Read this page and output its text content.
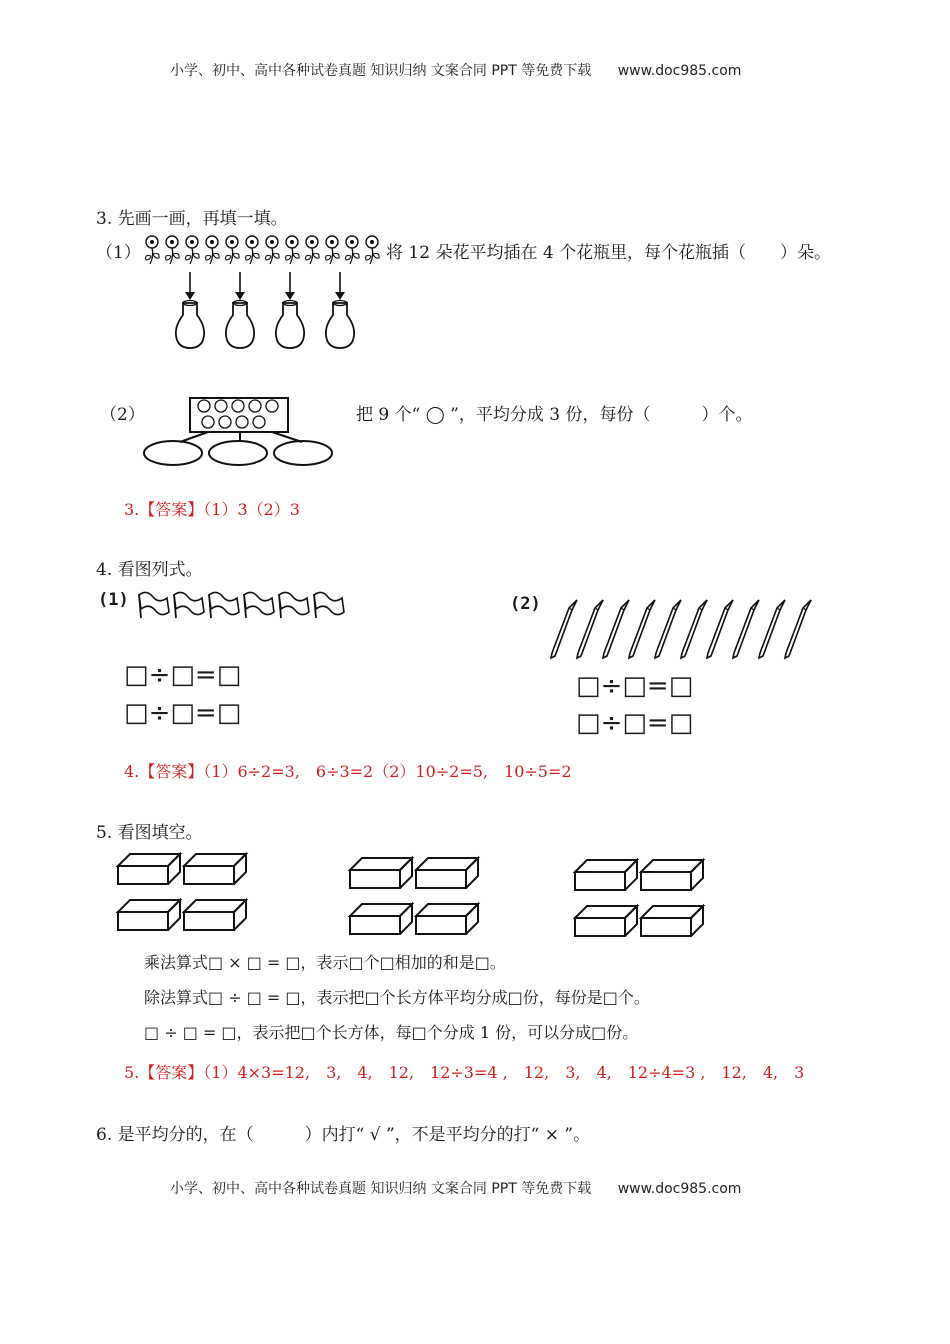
小学、初中、高中各种试卷真题 知识归纳 文案合同 PPT 等免费下载 www.doc985.com
3. 先画一画，再填一填。
（1）	将 12 朵花平均插在 4 个花瓶里，每个花瓶插（　　）朵。
（2）	把 9 个“ ◯ ”，平均分成 3 份，每份（　　　）个。
3.【答案】（1）3（2）3
4. 看图列式。
(1)
□÷□=□
□÷□=□
(2)
□÷□=□
□÷□=□
4.【答案】（1）6÷2=3,　6÷3=2（2）10÷2=5,　10÷5=2
5. 看图填空。
乘法算式□ × □ = □，表示□个□相加的和是□。
除法算式□ ÷ □ = □，表示把□个长方体平均分成□份，每份是□个。
□ ÷ □ = □，表示把□个长方体，每□个分成 1 份，可以分成□份。
5.【答案】（1）4×3=12,　3,　4,　12,　12÷3=4 ,　12,　3,　4,　12÷4=3 ,　12,　4,　3
6. 是平均分的，在（　　　）内打“ √ ”，不是平均分的打“ × ”。
小学、初中、高中各种试卷真题 知识归纳 文案合同 PPT 等免费下载 www.doc985.com
